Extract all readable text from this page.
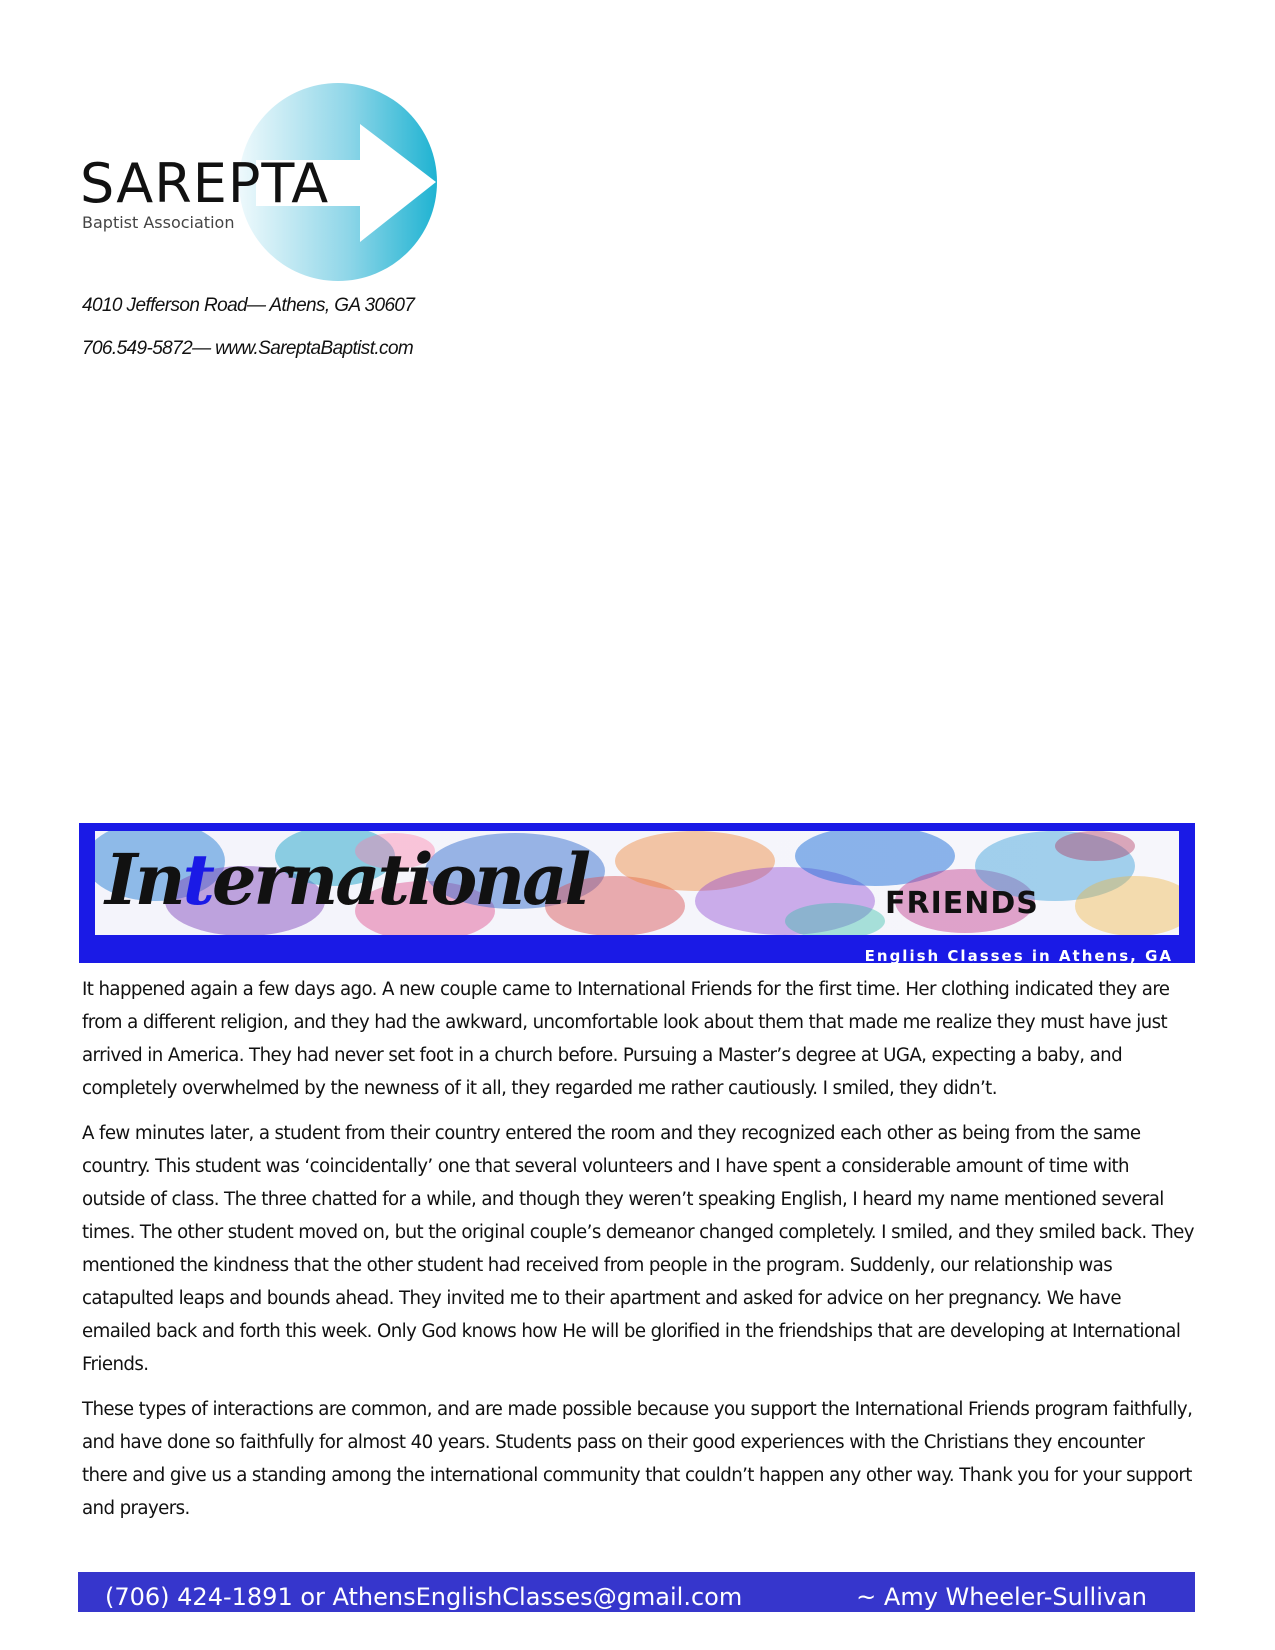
SAREPTA
Baptist Association
4010 Jefferson Road— Athens, GA 30607
706.549-5872— www.SareptaBaptist.com
International	FRIENDS
English Classes in Athens, GA

It happened again a few days ago. A new couple came to International Friends for the first time. Her clothing indicated they are from a different religion, and they had the awkward, uncomfortable look about them that made me realize they must have just arrived in America. They had never set foot in a church before. Pursuing a Master’s degree at UGA, expecting a baby, and completely overwhelmed by the newness of it all, they regarded me rather cautiously. I smiled, they didn’t.

A few minutes later, a student from their country entered the room and they recognized each other as being from the same country. This student was ‘coincidentally’ one that several volunteers and I have spent a considerable amount of time with outside of class. The three chatted for a while, and though they weren’t speaking English, I heard my name mentioned several times. The other student moved on, but the original couple’s demeanor changed completely. I smiled, and they smiled back. They mentioned the kindness that the other student had received from people in the program. Suddenly, our relationship was catapulted leaps and bounds ahead. They invited me to their apartment and asked for advice on her pregnancy. We have emailed back and forth this week. Only God knows how He will be glorified in the friendships that are developing at International Friends.

These types of interactions are common, and are made possible because you support the International Friends program faithfully, and have done so faithfully for almost 40 years. Students pass on their good experiences with the Christians they encounter there and give us a standing among the international community that couldn’t happen any other way. Thank you for your support and prayers.

(706) 424-1891 or AthensEnglishClasses@gmail.com	~ Amy Wheeler-Sullivan
